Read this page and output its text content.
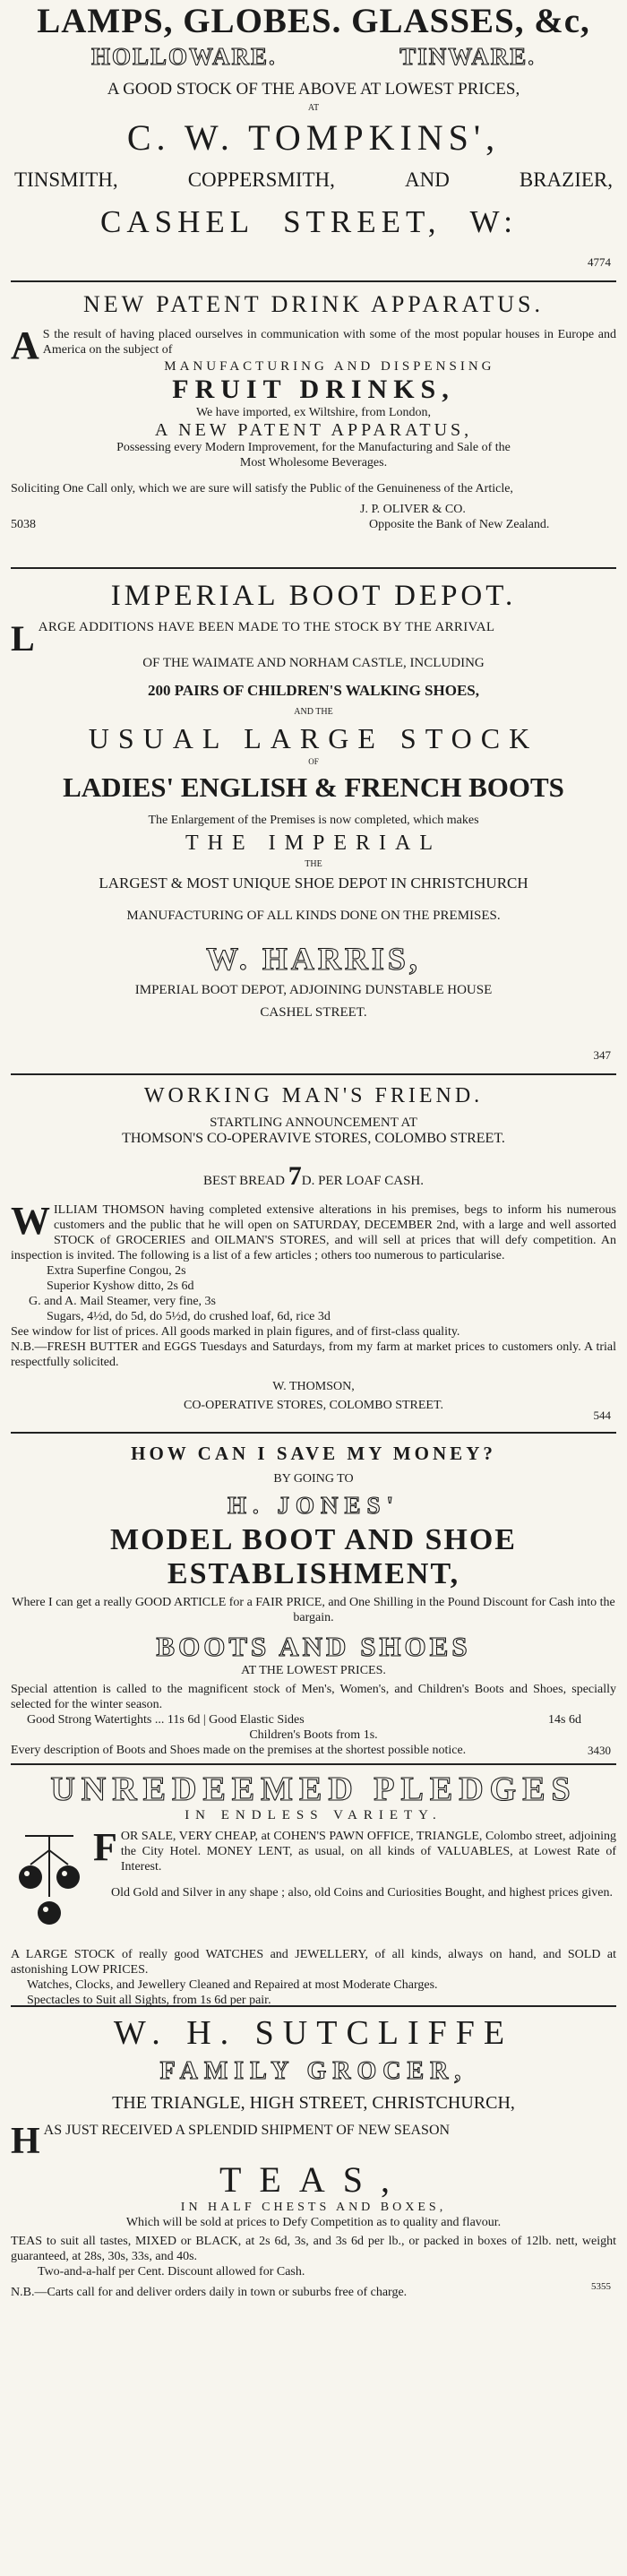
LAMPS, GLOBES. GLASSES, &c,
HOLLOWARE.	TINWARE.
A GOOD STOCK OF THE ABOVE AT LOWEST PRICES,
AT
C. W. TOMPKINS',
TINSMITH,	COPPERSMITH,	AND	BRAZIER,
CASHEL STREET, W:
4774
NEW PATENT DRINK APPARATUS.
A S the result of having placed ourselves in communication with some of the most popular houses in Europe and America on the subject of
MANUFACTURING AND DISPENSING
FRUIT DRINKS,
We have imported, ex Wiltshire, from London,
A NEW PATENT APPARATUS,
Possessing every Modern Improvement, for the Manufacturing and Sale of the
Most Wholesome Beverages.
Soliciting One Call only, which we are sure will satisfy the Public of the Genuineness of the Article,
J. P. OLIVER & CO.
5038	Opposite the Bank of New Zealand.
IMPERIAL BOOT DEPOT.
L ARGE ADDITIONS HAVE BEEN MADE TO THE STOCK BY THE ARRIVAL
OF THE WAIMATE AND NORHAM CASTLE, INCLUDING
200 PAIRS OF CHILDREN'S WALKING SHOES,
AND THE
USUAL LARGE STOCK
OF
LADIES' ENGLISH & FRENCH BOOTS
The Enlargement of the Premises is now completed, which makes
THE IMPERIAL
THE
LARGEST & MOST UNIQUE SHOE DEPOT IN CHRISTCHURCH
MANUFACTURING OF ALL KINDS DONE ON THE PREMISES.
W. HARRIS,
IMPERIAL BOOT DEPOT, ADJOINING DUNSTABLE HOUSE
CASHEL STREET.
347
WORKING MAN'S FRIEND.
STARTLING ANNOUNCEMENT AT
THOMSON'S CO-OPERAVIVE STORES, COLOMBO STREET.
BEST BREAD 7D. PER LOAF CASH.
W ILLIAM THOMSON having completed extensive alterations in his premises, begs to inform his numerous customers and the public that he will open on SATURDAY, DECEMBER 2nd, with a large and well assorted STOCK of GROCERIES and OILMAN'S STORES, and will sell at prices that will defy competition. An inspection is invited. The following is a list of a few articles ; others too numerous to particularise.
Extra Superfine Congou, 2s
Superior Kyshow ditto, 2s 6d
G. and A. Mail Steamer, very fine, 3s
Sugars, 4½d, do 5d, do 5½d, do crushed loaf, 6d, rice 3d
See window for list of prices. All goods marked in plain figures, and of first-class quality.
N.B.—FRESH BUTTER and EGGS Tuesdays and Saturdays, from my farm at market prices to customers only. A trial respectfully solicited.
W. THOMSON,
CO-OPERATIVE STORES, COLOMBO STREET.
544
HOW CAN I SAVE MY MONEY?
BY GOING TO
H. JONES'
MODEL BOOT AND SHOE
ESTABLISHMENT,
Where I can get a really GOOD ARTICLE for a FAIR PRICE, and One Shilling in the Pound Discount for Cash into the bargain.
BOOTS AND SHOES
AT THE LOWEST PRICES.
Special attention is called to the magnificent stock of Men's, Women's, and Children's Boots and Shoes, specially selected for the winter season.
Good Strong Watertights ... 11s 6d | Good Elastic Sides	14s 6d
Children's Boots from 1s.
Every description of Boots and Shoes made on the premises at the shortest possible notice.	3430
UNREDEEMED PLEDGES
IN ENDLESS VARIETY.
F OR SALE, VERY CHEAP, at COHEN'S PAWN OFFICE, TRIANGLE, Colombo street, adjoining the City Hotel. MONEY LENT, as usual, on all kinds of VALUABLES, at Lowest Rate of Interest.
Old Gold and Silver in any shape ; also, old Coins and Curiosities Bought, and highest prices given.
A LARGE STOCK of really good WATCHES and JEWELLERY, of all kinds, always on hand, and SOLD at astonishing LOW PRICES.
Watches, Clocks, and Jewellery Cleaned and Repaired at most Moderate Charges.
Spectacles to Suit all Sights, from 1s 6d per pair.
W. H. SUTCLIFFE
FAMILY GROCER,
THE TRIANGLE, HIGH STREET, CHRISTCHURCH,
H AS JUST RECEIVED A SPLENDID SHIPMENT OF NEW SEASON
TEAS,
IN HALF CHESTS AND BOXES,
Which will be sold at prices to Defy Competition as to quality and flavour.
TEAS to suit all tastes, MIXED or BLACK, at 2s 6d, 3s, and 3s 6d per lb., or packed in boxes of 12lb. nett, weight guaranteed, at 28s, 30s, 33s, and 40s.
Two-and-a-half per Cent. Discount allowed for Cash.
N.B.—Carts call for and deliver orders daily in town or suburbs free of charge.	5355
